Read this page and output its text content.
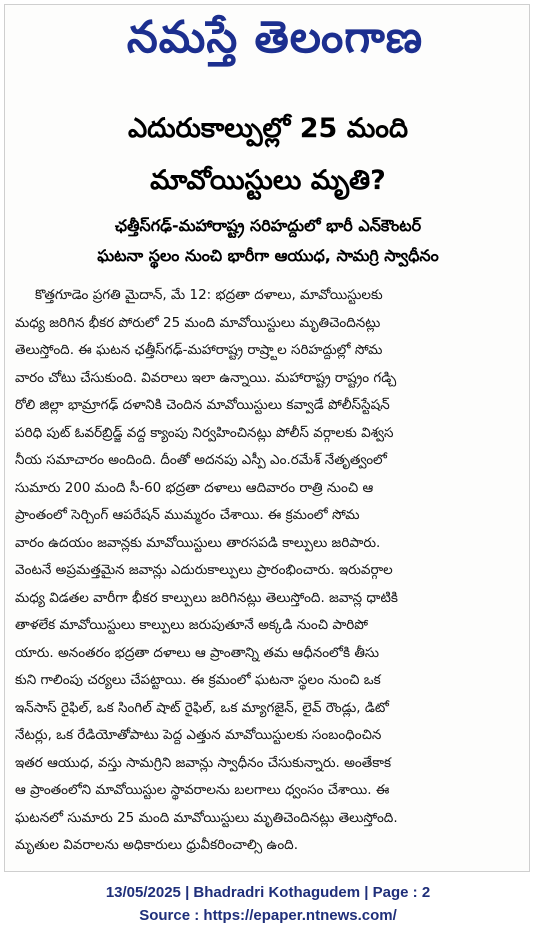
నమస్తే తెలంగాణ
ఎదురుకాల్పుల్లో 25 మంది
మావోయిస్టులు మృతి?
ఛత్తీస్‌గఢ్‌-మహారాష్ట్ర సరిహద్దులో భారీ ఎన్‌కౌంటర్
ఘటనా స్థలం నుంచి భారీగా ఆయుధ, సామగ్రి స్వాధీనం
కొత్తగూడెం ప్రగతి మైదాన్‌, మే 12: భద్రతా దళాలు, మావోయిస్టులకు
మధ్య జరిగిన భీకర పోరులో 25 మంది మావోయిస్టులు మృతిచెందినట్లు
తెలుస్తోంది. ఈ ఘటన ఛత్తీస్‌గఢ్‌-మహారాష్ట్ర రాష్ర్టాల సరిహద్దుల్లో సోమ
వారం చోటు చేసుకుంది. వివరాలు ఇలా ఉన్నాయి. మహారాష్ట్ర రాష్ట్రం గడ్చి
రోలి జిల్లా భామ్రాగఢ్‌ దళానికి చెందిన మావోయిస్టులు కవ్వాడే పోలీస్‌స్టేషన్‌
పరిధి పుట్‌ ఓవర్‌బ్రిడ్జ్‌ వద్ద క్యాంపు నిర్వహించినట్లు పోలీస్‌ వర్గాలకు విశ్వస
నీయ సమాచారం అందింది. దీంతో అదనపు ఎస్పీ ఎం.రమేశ్‌ నేతృత్వంలో
సుమారు 200 మంది సీ-60 భద్రతా దళాలు ఆదివారం రాత్రి నుంచి ఆ
ప్రాంతంలో సెర్చింగ్‌ ఆపరేషన్‌ ముమ్మరం చేశాయి. ఈ క్రమంలో సోమ
వారం ఉదయం జవాన్లకు మావోయిస్టులు తారసపడి కాల్పులు జరిపారు.
వెంటనే అప్రమత్తమైన జవాన్లు ఎదురుకాల్పులు ప్రారంభించారు. ఇరువర్గాల
మధ్య విడతల వారీగా భీకర కాల్పులు జరిగినట్లు తెలుస్తోంది. జవాన్ల ధాటికి
తాళలేక మావోయిస్టులు కాల్పులు జరుపుతూనే అక్కడి నుంచి పారిపో
యారు. అనంతరం భద్రతా దళాలు ఆ ప్రాంతాన్ని తమ ఆధీనంలోకి తీసు
కుని గాలింపు చర్యలు చేపట్టాయి. ఈ క్రమంలో ఘటనా స్థలం నుంచి ఒక
ఇన్‌సాస్‌ రైఫిల్‌, ఒక సింగిల్‌ షాట్‌ రైఫిల్‌, ఒక మ్యాగజైన్‌, లైవ్‌ రౌండ్లు, డిటో
నేటర్లు, ఒక రేడియోతోపాటు పెద్ద ఎత్తున మావోయిస్టులకు సంబంధించిన
ఇతర ఆయుధ, వస్తు సామగ్రిని జవాన్లు స్వాధీనం చేసుకున్నారు. అంతేకాక
ఆ ప్రాంతంలోని మావోయిస్టుల స్థావరాలను బలగాలు ధ్వంసం చేశాయి. ఈ
ఘటనలో సుమారు 25 మంది మావోయిస్టులు మృతిచెందినట్లు తెలుస్తోంది.
మృతుల వివరాలను అధికారులు ధ్రువీకరించాల్సి ఉంది.
13/05/2025 | Bhadradri Kothagudem | Page : 2
Source : https://epaper.ntnews.com/
